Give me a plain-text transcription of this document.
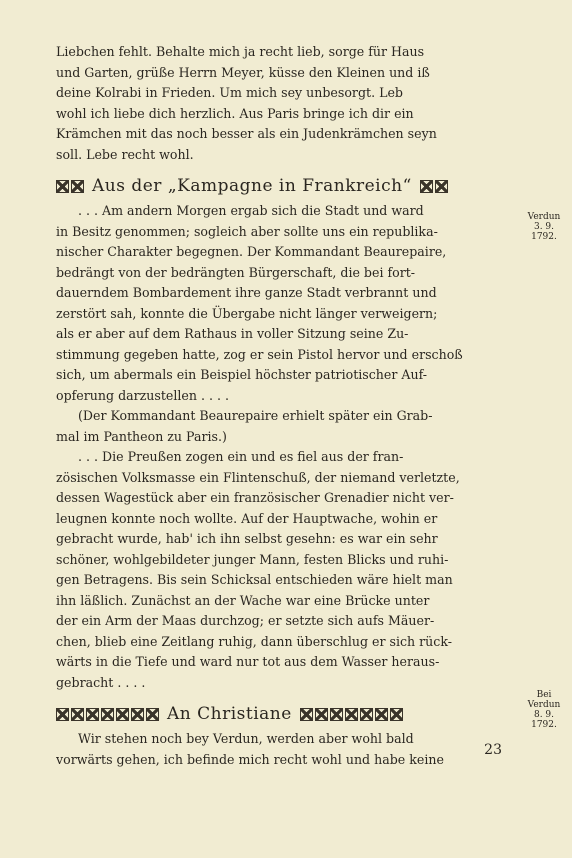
Liebchen fehlt. Behalte mich ja recht lieb, sorge für Haus
und Garten, grüße Herrn Meyer, küsse den Kleinen und iß
deine Kolrabi in Frieden. Um mich sey unbesorgt. Leb
wohl ich liebe dich herzlich. Aus Paris bringe ich dir ein
Krämchen mit das noch besser als ein Judenkrämchen seyn
soll. Lebe recht wohl.

Aus der „Kampagne in Frankreich“

. . . Am andern Morgen ergab sich die Stadt und ward
in Besitz genommen; sogleich aber sollte uns ein republika-
nischer Charakter begegnen. Der Kommandant Beaurepaire,
bedrängt von der bedrängten Bürgerschaft, die bei fort-
dauerndem Bombardement ihre ganze Stadt verbrannt und
zerstört sah, konnte die Übergabe nicht länger verweigern;
als er aber auf dem Rathaus in voller Sitzung seine Zu-
stimmung gegeben hatte, zog er sein Pistol hervor und erschoß
sich, um abermals ein Beispiel höchster patriotischer Auf-
opferung darzustellen . . . .

(Der Kommandant Beaurepaire erhielt später ein Grab-
mal im Pantheon zu Paris.)

. . . Die Preußen zogen ein und es fiel aus der fran-
zösischen Volksmasse ein Flintenschuß, der niemand verletzte,
dessen Wagestück aber ein französischer Grenadier nicht ver-
leugnen konnte noch wollte. Auf der Hauptwache, wohin er
gebracht wurde, hab' ich ihn selbst gesehn: es war ein sehr
schöner, wohlgebildeter junger Mann, festen Blicks und ruhi-
gen Betragens. Bis sein Schicksal entschieden wäre hielt man
ihn läßlich. Zunächst an der Wache war eine Brücke unter
der ein Arm der Maas durchzog; er setzte sich aufs Mäuer-
chen, blieb eine Zeitlang ruhig, dann überschlug er sich rück-
wärts in die Tiefe und ward nur tot aus dem Wasser heraus-
gebracht . . . .

An Christiane

Wir stehen noch bey Verdun, werden aber wohl bald
vorwärts gehen, ich befinde mich recht wohl und habe keine

Verdun
3. 9.
1792.
Bei
Verdun
8. 9.
1792.
23
